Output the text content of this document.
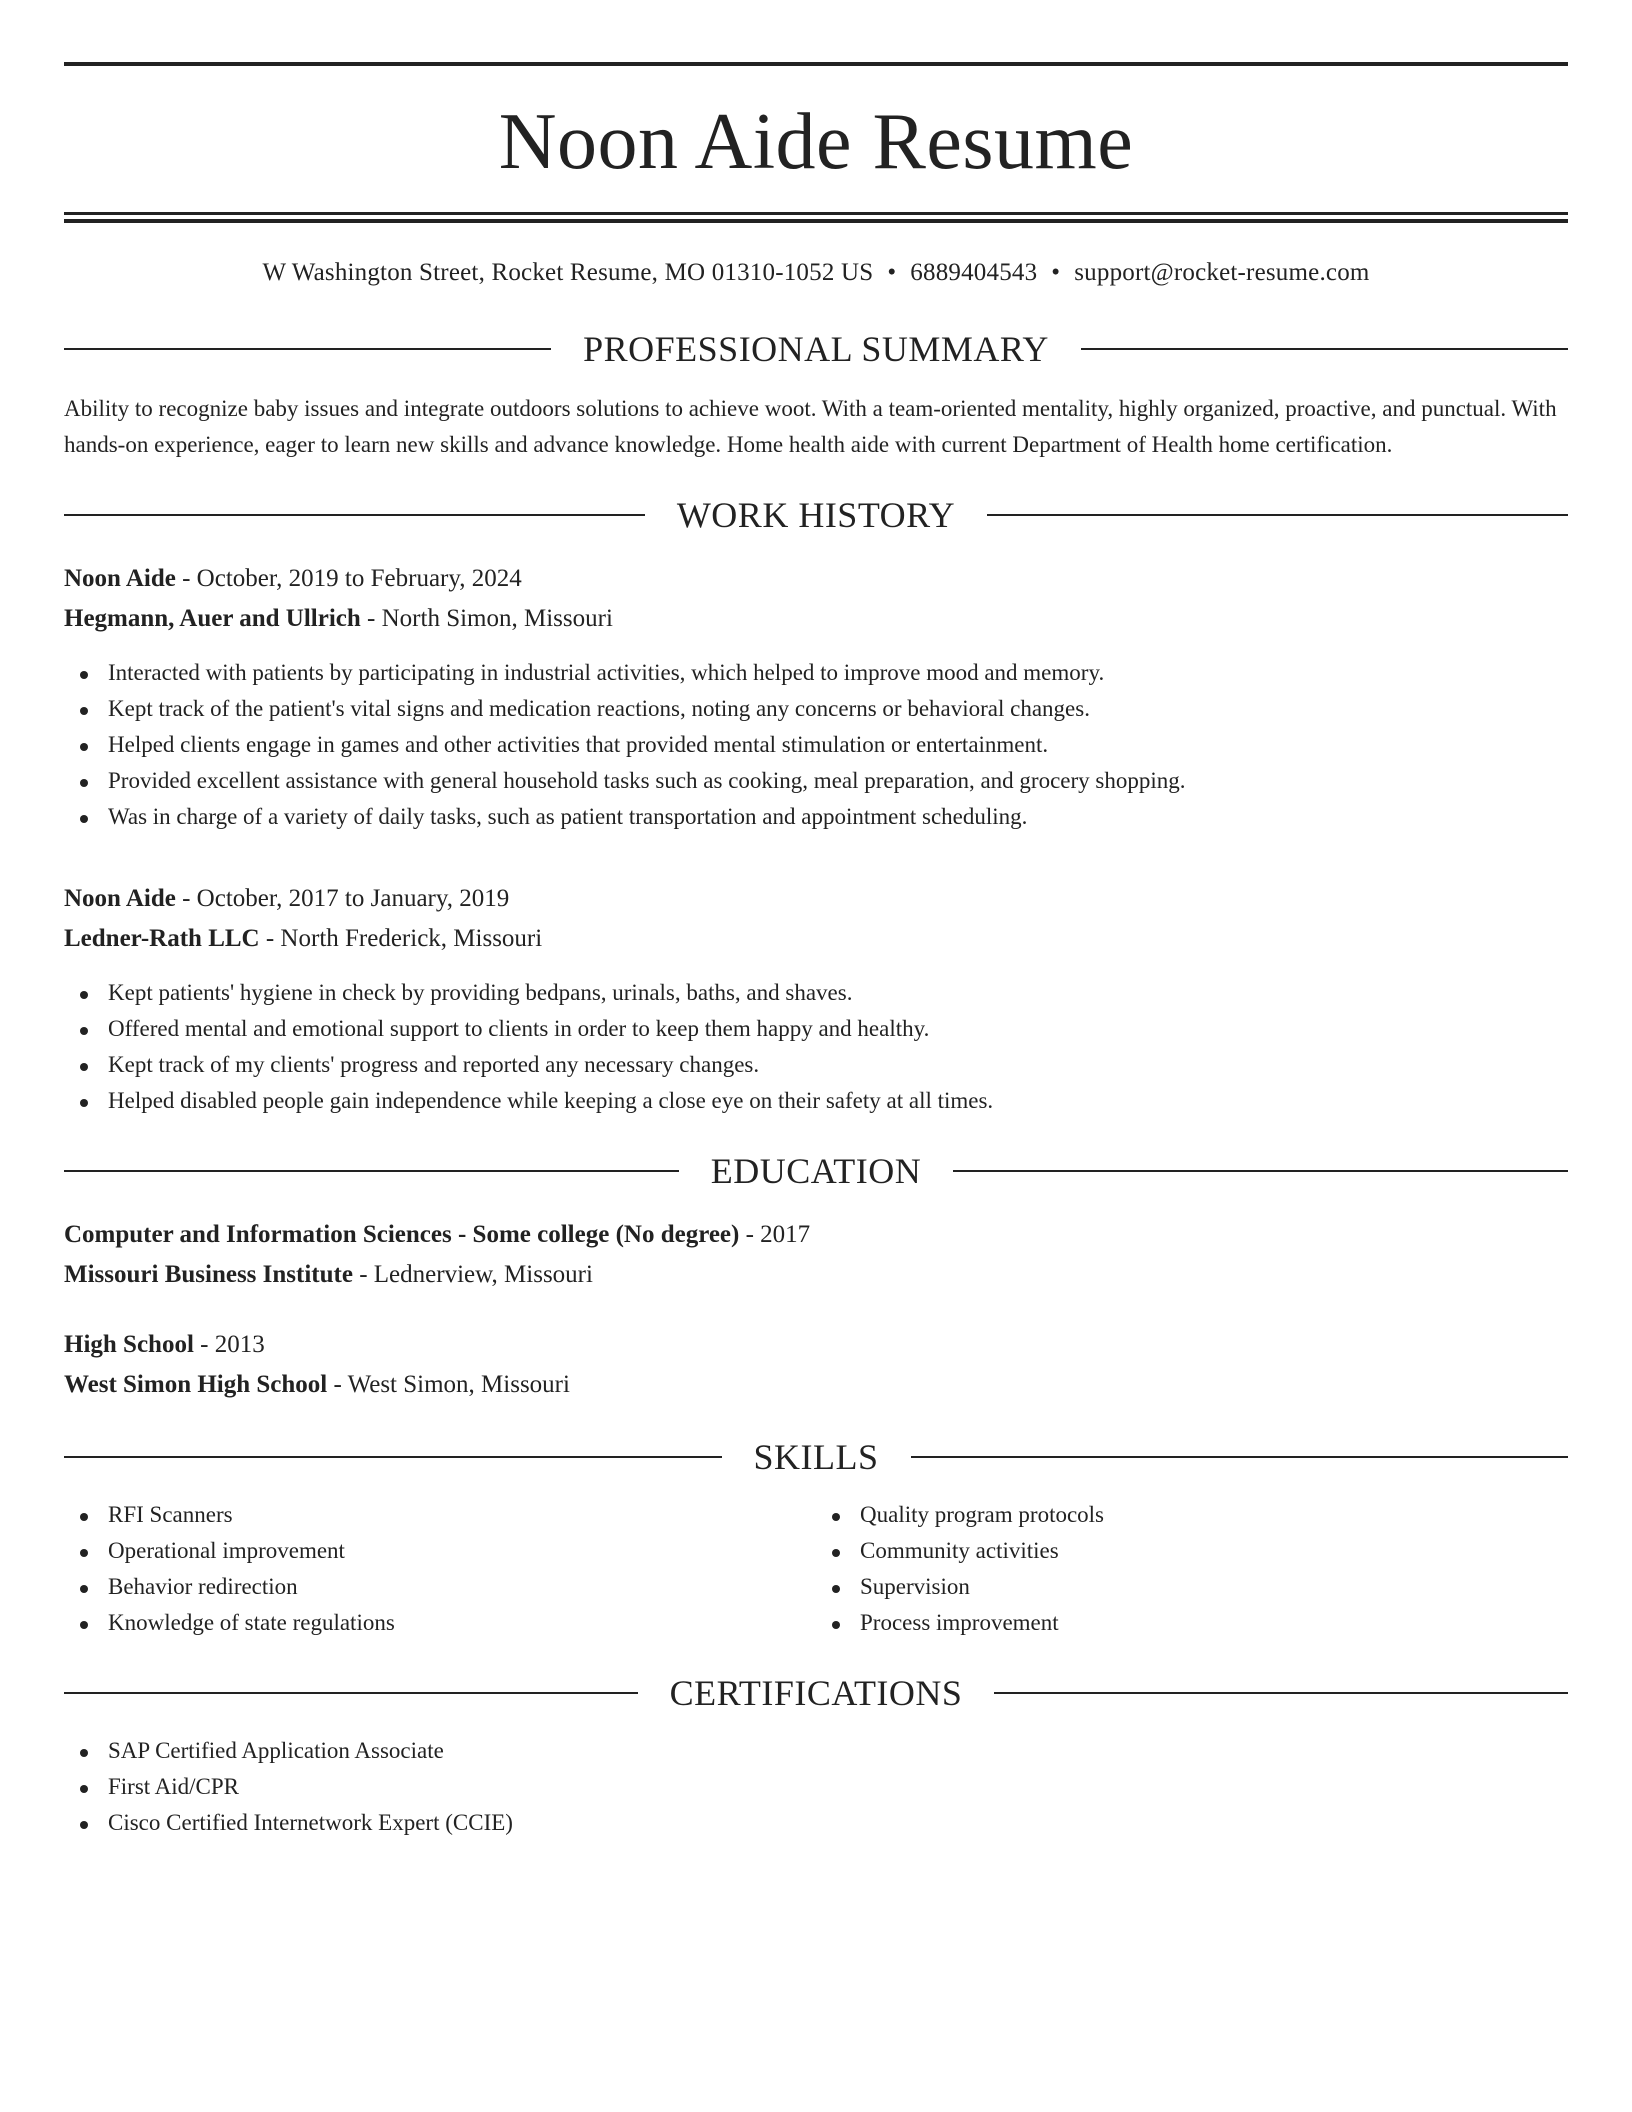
Noon Aide Resume
W Washington Street, Rocket Resume, MO 01310-1052 US • 6889404543 • support@rocket-resume.com
PROFESSIONAL SUMMARY
Ability to recognize baby issues and integrate outdoors solutions to achieve woot. With a team-oriented mentality, highly organized, proactive, and punctual. With hands-on experience, eager to learn new skills and advance knowledge. Home health aide with current Department of Health home certification.
WORK HISTORY
Noon Aide - October, 2019 to February, 2024
Hegmann, Auer and Ullrich - North Simon, Missouri
Interacted with patients by participating in industrial activities, which helped to improve mood and memory.
Kept track of the patient's vital signs and medication reactions, noting any concerns or behavioral changes.
Helped clients engage in games and other activities that provided mental stimulation or entertainment.
Provided excellent assistance with general household tasks such as cooking, meal preparation, and grocery shopping.
Was in charge of a variety of daily tasks, such as patient transportation and appointment scheduling.
Noon Aide - October, 2017 to January, 2019
Ledner-Rath LLC - North Frederick, Missouri
Kept patients' hygiene in check by providing bedpans, urinals, baths, and shaves.
Offered mental and emotional support to clients in order to keep them happy and healthy.
Kept track of my clients' progress and reported any necessary changes.
Helped disabled people gain independence while keeping a close eye on their safety at all times.
EDUCATION
Computer and Information Sciences - Some college (No degree) - 2017
Missouri Business Institute - Lednerview, Missouri
High School - 2013
West Simon High School - West Simon, Missouri
SKILLS
RFI Scanners
Operational improvement
Behavior redirection
Knowledge of state regulations
Quality program protocols
Community activities
Supervision
Process improvement
CERTIFICATIONS
SAP Certified Application Associate
First Aid/CPR
Cisco Certified Internetwork Expert (CCIE)
